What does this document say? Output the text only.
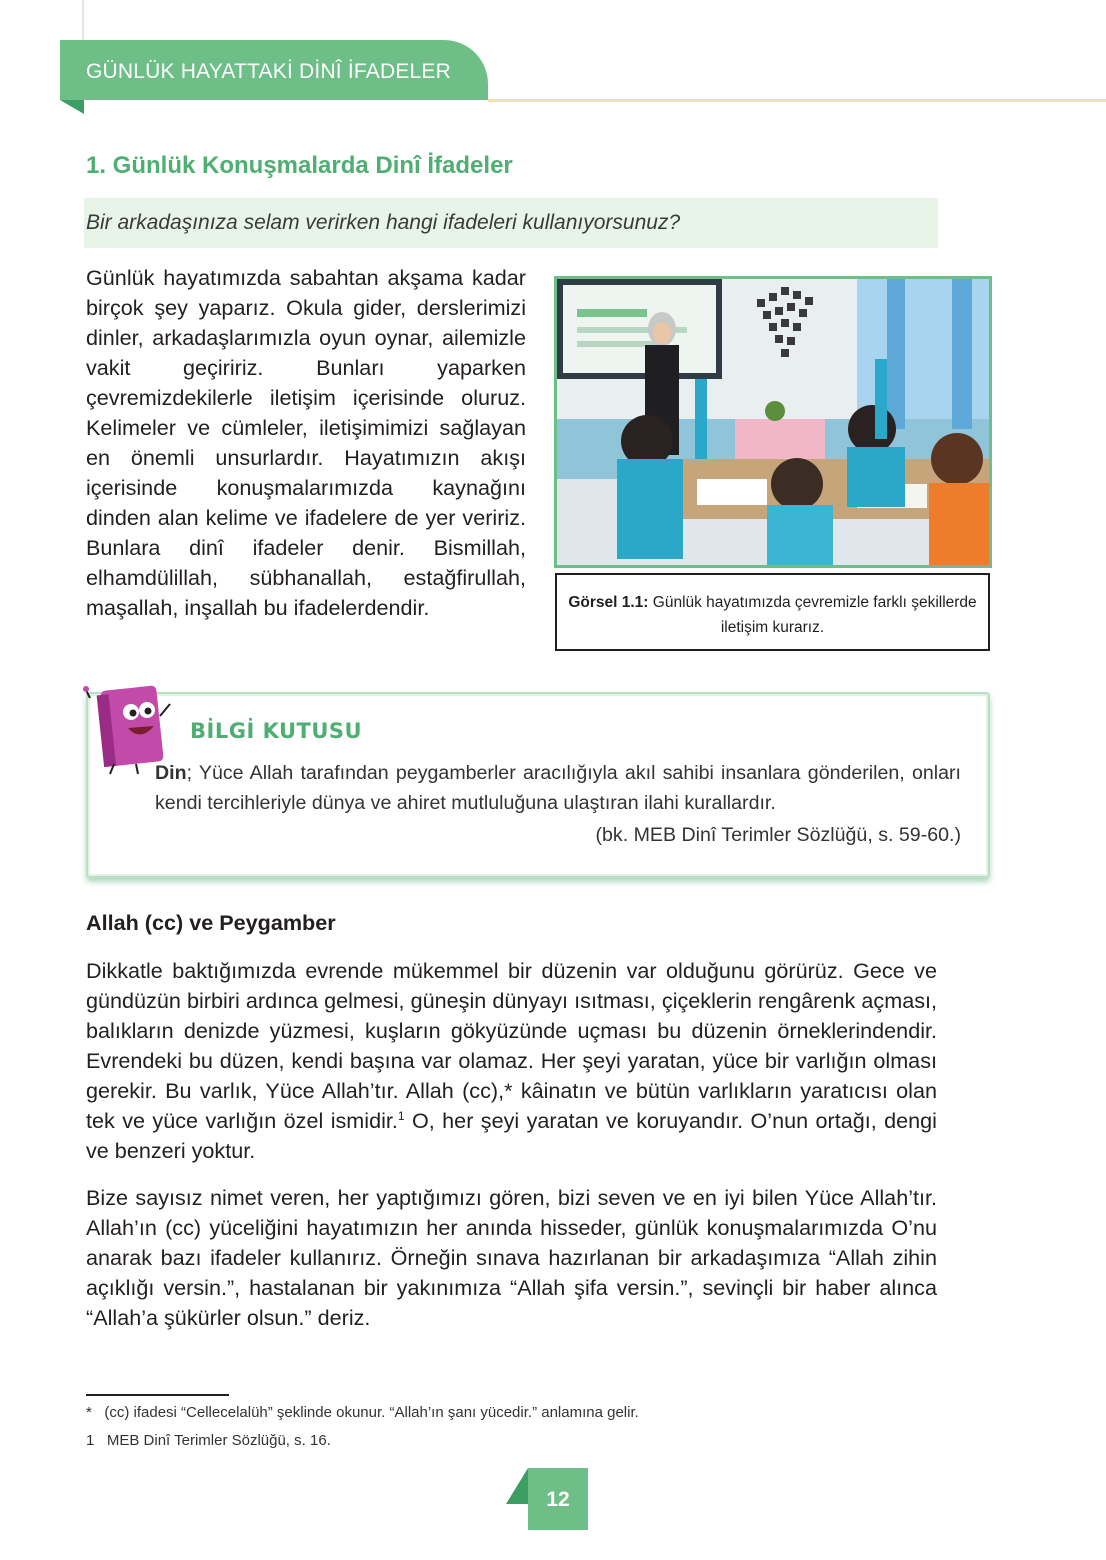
GÜNLÜK HAYATTAKİ DİNÎ İFADELER
1. Günlük Konuşmalarda Dinî İfadeler
Bir arkadaşınıza selam verirken hangi ifadeleri kullanıyorsunuz?
Günlük hayatımızda sabahtan akşama kadar birçok şey yaparız. Okula gider, derslerimizi dinler, arkadaşlarımızla oyun oynar, ailemizle vakit geçiririz. Bunları yaparken çevremizdekilerle iletişim içerisinde oluruz. Kelimeler ve cümleler, iletişimimizi sağlayan en önemli unsurlardır. Hayatımızın akışı içerisinde konuşmalarımızda kaynağını dinden alan kelime ve ifadelere de yer veririz. Bunlara dinî ifadeler denir. Bismillah, elhamdülillah, sübhanallah, estağfirullah, maşallah, inşallah bu ifadelerdendir.	Görsel 1.1: Günlük hayatımızda çevremizle farklı şekillerde iletişim kurarız.
BİLGİ KUTUSU
Din; Yüce Allah tarafından peygamberler aracılığıyla akıl sahibi insanlara gönderilen, onları kendi tercihleriyle dünya ve ahiret mutluluğuna ulaştıran ilahi kurallardır.
(bk. MEB Dinî Terimler Sözlüğü, s. 59-60.)
Allah (cc) ve Peygamber
Dikkatle baktığımızda evrende mükemmel bir düzenin var olduğunu görürüz. Gece ve gündüzün birbiri ardınca gelmesi, güneşin dünyayı ısıtması, çiçeklerin rengârenk açması, balıkların denizde yüzmesi, kuşların gökyüzünde uçması bu düzenin örneklerindendir. Evrendeki bu düzen, kendi başına var olamaz. Her şeyi yaratan, yüce bir varlığın olması gerekir. Bu varlık, Yüce Allah’tır. Allah (cc),* kâinatın ve bütün varlıkların yaratıcısı olan tek ve yüce varlığın özel ismidir.$^1$ O, her şeyi yaratan ve koruyandır. O’nun ortağı, dengi ve benzeri yoktur.
Bize sayısız nimet veren, her yaptığımızı gören, bizi seven ve en iyi bilen Yüce Allah’tır. Allah’ın (cc) yüceliğini hayatımızın her anında hisseder, günlük konuşmalarımızda O’nu anarak bazı ifadeler kullanırız. Örneğin sınava hazırlanan bir arkadaşımıza “Allah zihin açıklığı versin.”, hastalanan bir yakınımıza “Allah şifa versin.”, sevinçli bir haber alınca “Allah’a şükürler olsun.” deriz.
* (cc) ifadesi “Cellecelalüh” şeklinde okunur. “Allah’ın şanı yücedir.” anlamına gelir.
1 MEB Dinî Terimler Sözlüğü, s. 16.
12
